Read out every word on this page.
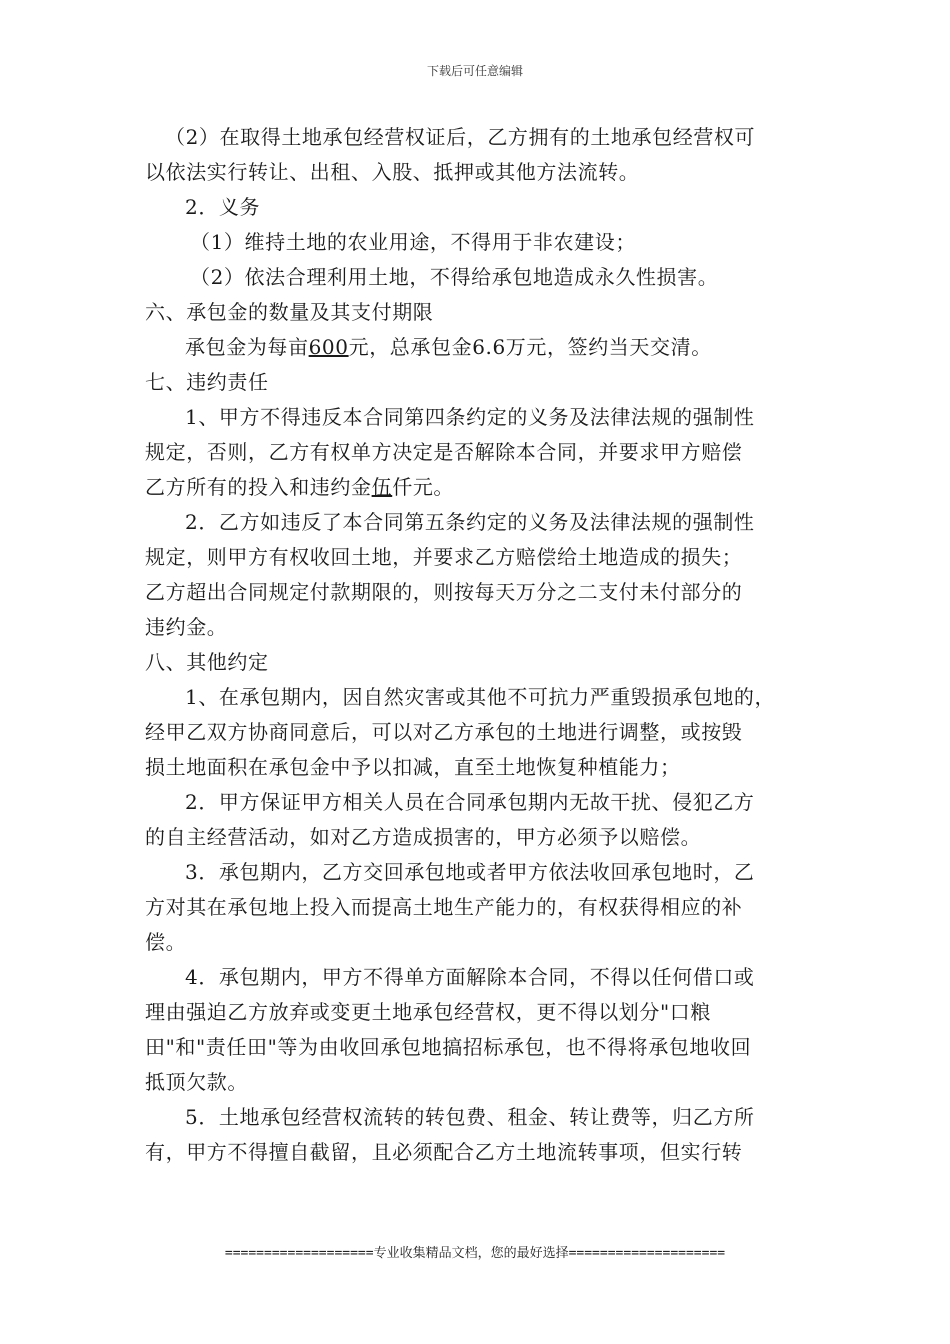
下载后可任意编辑
（2）在取得土地承包经营权证后，乙方拥有的土地承包经营权可
以依法实行转让、出租、入股、抵押或其他方法流转。
2．义务
（1）维持土地的农业用途，不得用于非农建设；
（2）依法合理利用土地，不得给承包地造成永久性损害。
六、承包金的数量及其支付期限
承包金为每亩600元，总承包金6.6万元，签约当天交清。
七、违约责任
1、甲方不得违反本合同第四条约定的义务及法律法规的强制性
规定，否则，乙方有权单方决定是否解除本合同，并要求甲方赔偿
乙方所有的投入和违约金伍仟元。
2．乙方如违反了本合同第五条约定的义务及法律法规的强制性
规定，则甲方有权收回土地，并要求乙方赔偿给土地造成的损失；
乙方超出合同规定付款期限的，则按每天万分之二支付未付部分的
违约金。
八、其他约定
1、在承包期内，因自然灾害或其他不可抗力严重毁损承包地的，
经甲乙双方协商同意后，可以对乙方承包的土地进行调整，或按毁
损土地面积在承包金中予以扣减，直至土地恢复种植能力；
2．甲方保证甲方相关人员在合同承包期内无故干扰、侵犯乙方
的自主经营活动，如对乙方造成损害的，甲方必须予以赔偿。
3．承包期内，乙方交回承包地或者甲方依法收回承包地时，乙
方对其在承包地上投入而提高土地生产能力的，有权获得相应的补
偿。
4．承包期内，甲方不得单方面解除本合同，不得以任何借口或
理由强迫乙方放弃或变更土地承包经营权，更不得以划分"口粮
田"和"责任田"等为由收回承包地搞招标承包，也不得将承包地收回
抵顶欠款。
5．土地承包经营权流转的转包费、租金、转让费等，归乙方所
有，甲方不得擅自截留，且必须配合乙方土地流转事项，但实行转
===================专业收集精品文档，您的最好选择====================
